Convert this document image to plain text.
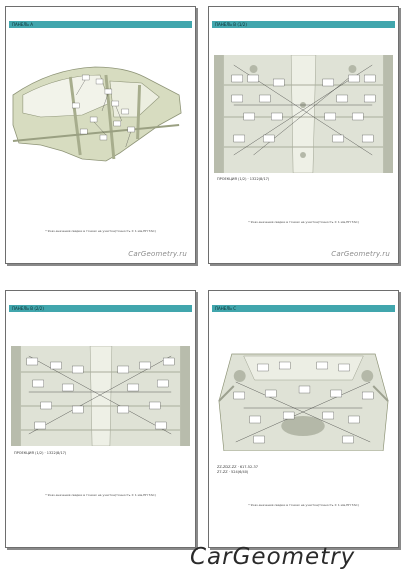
ПАНЕЛЬ А
* Указ.значения сварки в точках на участке(точность ± 1 мм,ПП ТАС)
CarGeometry.ru
ПАНЕЛЬ В (1/2)
ПРОЕКЦИЯ (1/2) · 1322(8/17)
* Указ.значения сварки в точках на участке(точность ± 1 мм,ПП ТАС)
CarGeometry.ru
ПАНЕЛЬ В (2/2)
ПРОЕКЦИЯ (1/2) · 1322(8/17)
* Указ.значения сварки в точках на участке(точность ± 1 мм,ПП ТАС)
ПАНЕЛЬ С
ZZ-ZDZ-ZZ · 617-52-37
Z7-ZZ · 524(6/40)
* Указ.значения сварки в точках на участке(точность ± 1 мм,ПП ТАС)
CarGeometry
